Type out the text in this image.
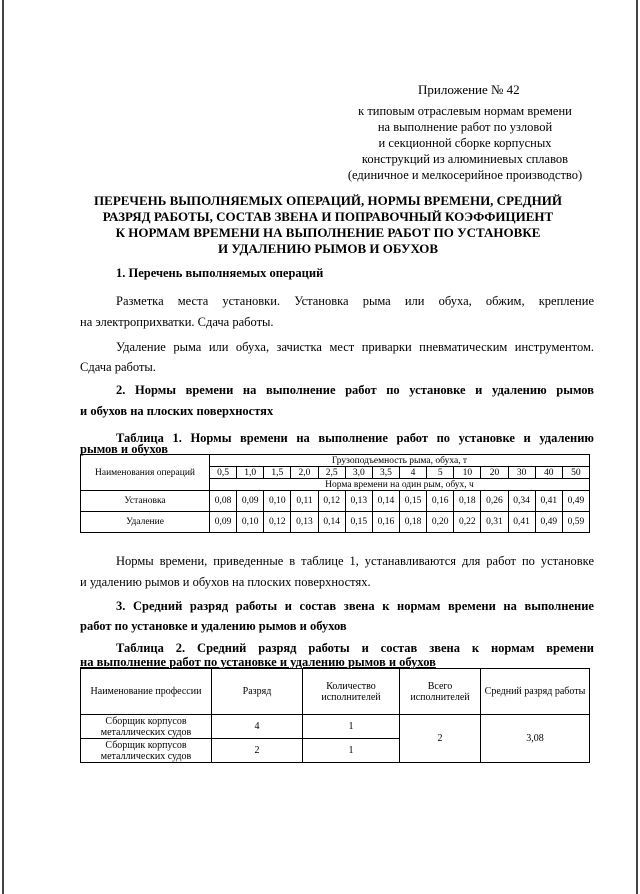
Приложение № 42
к типовым отраслевым нормам времени
на выполнение работ по узловой
и секционной сборке корпусных
конструкций из алюминиевых сплавов
(единичное и мелкосерийное производство)
ПЕРЕЧЕНЬ ВЫПОЛНЯЕМЫХ ОПЕРАЦИЙ, НОРМЫ ВРЕМЕНИ, СРЕДНИЙ
РАЗРЯД РАБОТЫ, СОСТАВ ЗВЕНА И ПОПРАВОЧНЫЙ КОЭФФИЦИЕНТ
К НОРМАМ ВРЕМЕНИ НА ВЫПОЛНЕНИЕ РАБОТ ПО УСТАНОВКЕ
И УДАЛЕНИЮ РЫМОВ И ОБУХОВ
1. Перечень выполняемых операций
Разметка места установки. Установка рыма или обуха, обжим, крепление
на электроприхватки. Сдача работы.
Удаление рыма или обуха, зачистка мест приварки пневматическим инструментом.
Сдача работы.
2. Нормы времени на выполнение работ по установке и удалению рымов
и обухов на плоских поверхностях
Таблица 1. Нормы времени на выполнение работ по установке и удалению
рымов и обухов
Наименования операций	Грузоподъемность рыма, обуха, т													
	0,5	1,0	1,5	2,0	2,5	3,0	3,5	4	5	10	20	30	40	50
	Норма времени на один рым, обух, ч													
Установка	0,08	0,09	0,10	0,11	0,12	0,13	0,14	0,15	0,16	0,18	0,26	0,34	0,41	0,49
Удаление	0,09	0,10	0,12	0,13	0,14	0,15	0,16	0,18	0,20	0,22	0,31	0,41	0,49	0,59
Нормы времени, приведенные в таблице 1, устанавливаются для работ по установке
и удалению рымов и обухов на плоских поверхностях.
3. Средний разряд работы и состав звена к нормам времени на выполнение
работ по установке и удалению рымов и обухов
Таблица 2. Средний разряд работы и состав звена к нормам времени
на выполнение работ по установке и удалению рымов и обухов
Наименование профессии	Разряд	Количество исполнителей	Всего исполнителей	Средний разряд работы
Сборщик корпусов металлических судов	4	1	2	3,08
Сборщик корпусов металлических судов	2	1		
